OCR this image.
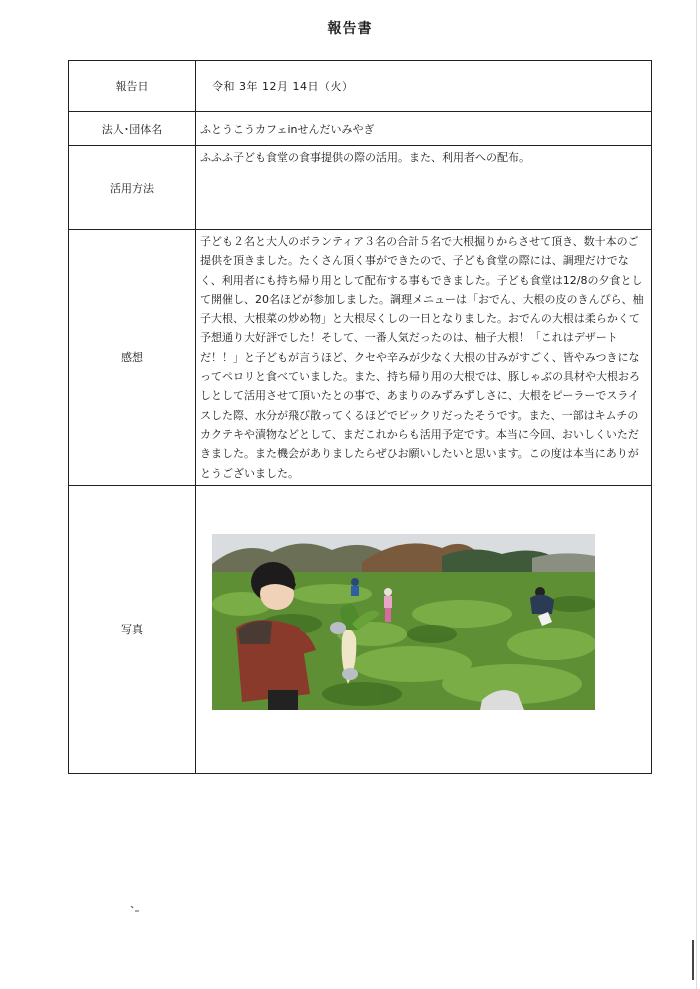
報告書
報告日	令和 3年 12月 14日（火）
法人･団体名	ふとうこうカフェinせんだいみやぎ
活用方法	ふふふ子ども食堂の食事提供の際の活用。また、利用者への配布。
感想	子ども２名と大人のボランティア３名の合計５名で大根掘りからさせて頂き、数十本のご提供を頂きました。たくさん頂く事ができたので、子ども食堂の際には、調理だけでなく、利用者にも持ち帰り用として配布する事もできました。子ども食堂は12/8の夕食として開催し、20名ほどが参加しました。調理メニューは「おでん、大根の皮のきんぴら、柚子大根、大根菜の炒め物」と大根尽くしの一日となりました。おでんの大根は柔らかくて予想通り大好評でした！そして、一番人気だったのは、柚子大根！「これはデザートだ！！」と子どもが言うほど、クセや辛みが少なく大根の甘みがすごく、皆やみつきになってペロリと食べていました。また、持ち帰り用の大根では、豚しゃぶの具材や大根おろしとして活用させて頂いたとの事で、あまりのみずみずしさに、大根をピーラーでスライスした際、水分が飛び散ってくるほどでビックリだったそうです。また、一部はキムチのカクテキや漬物などとして、まだこれからも活用予定です。本当に今回、おいしくいただきました。また機会がありましたらぜひお願いしたいと思います。この度は本当にありがとうございました。
写真	
